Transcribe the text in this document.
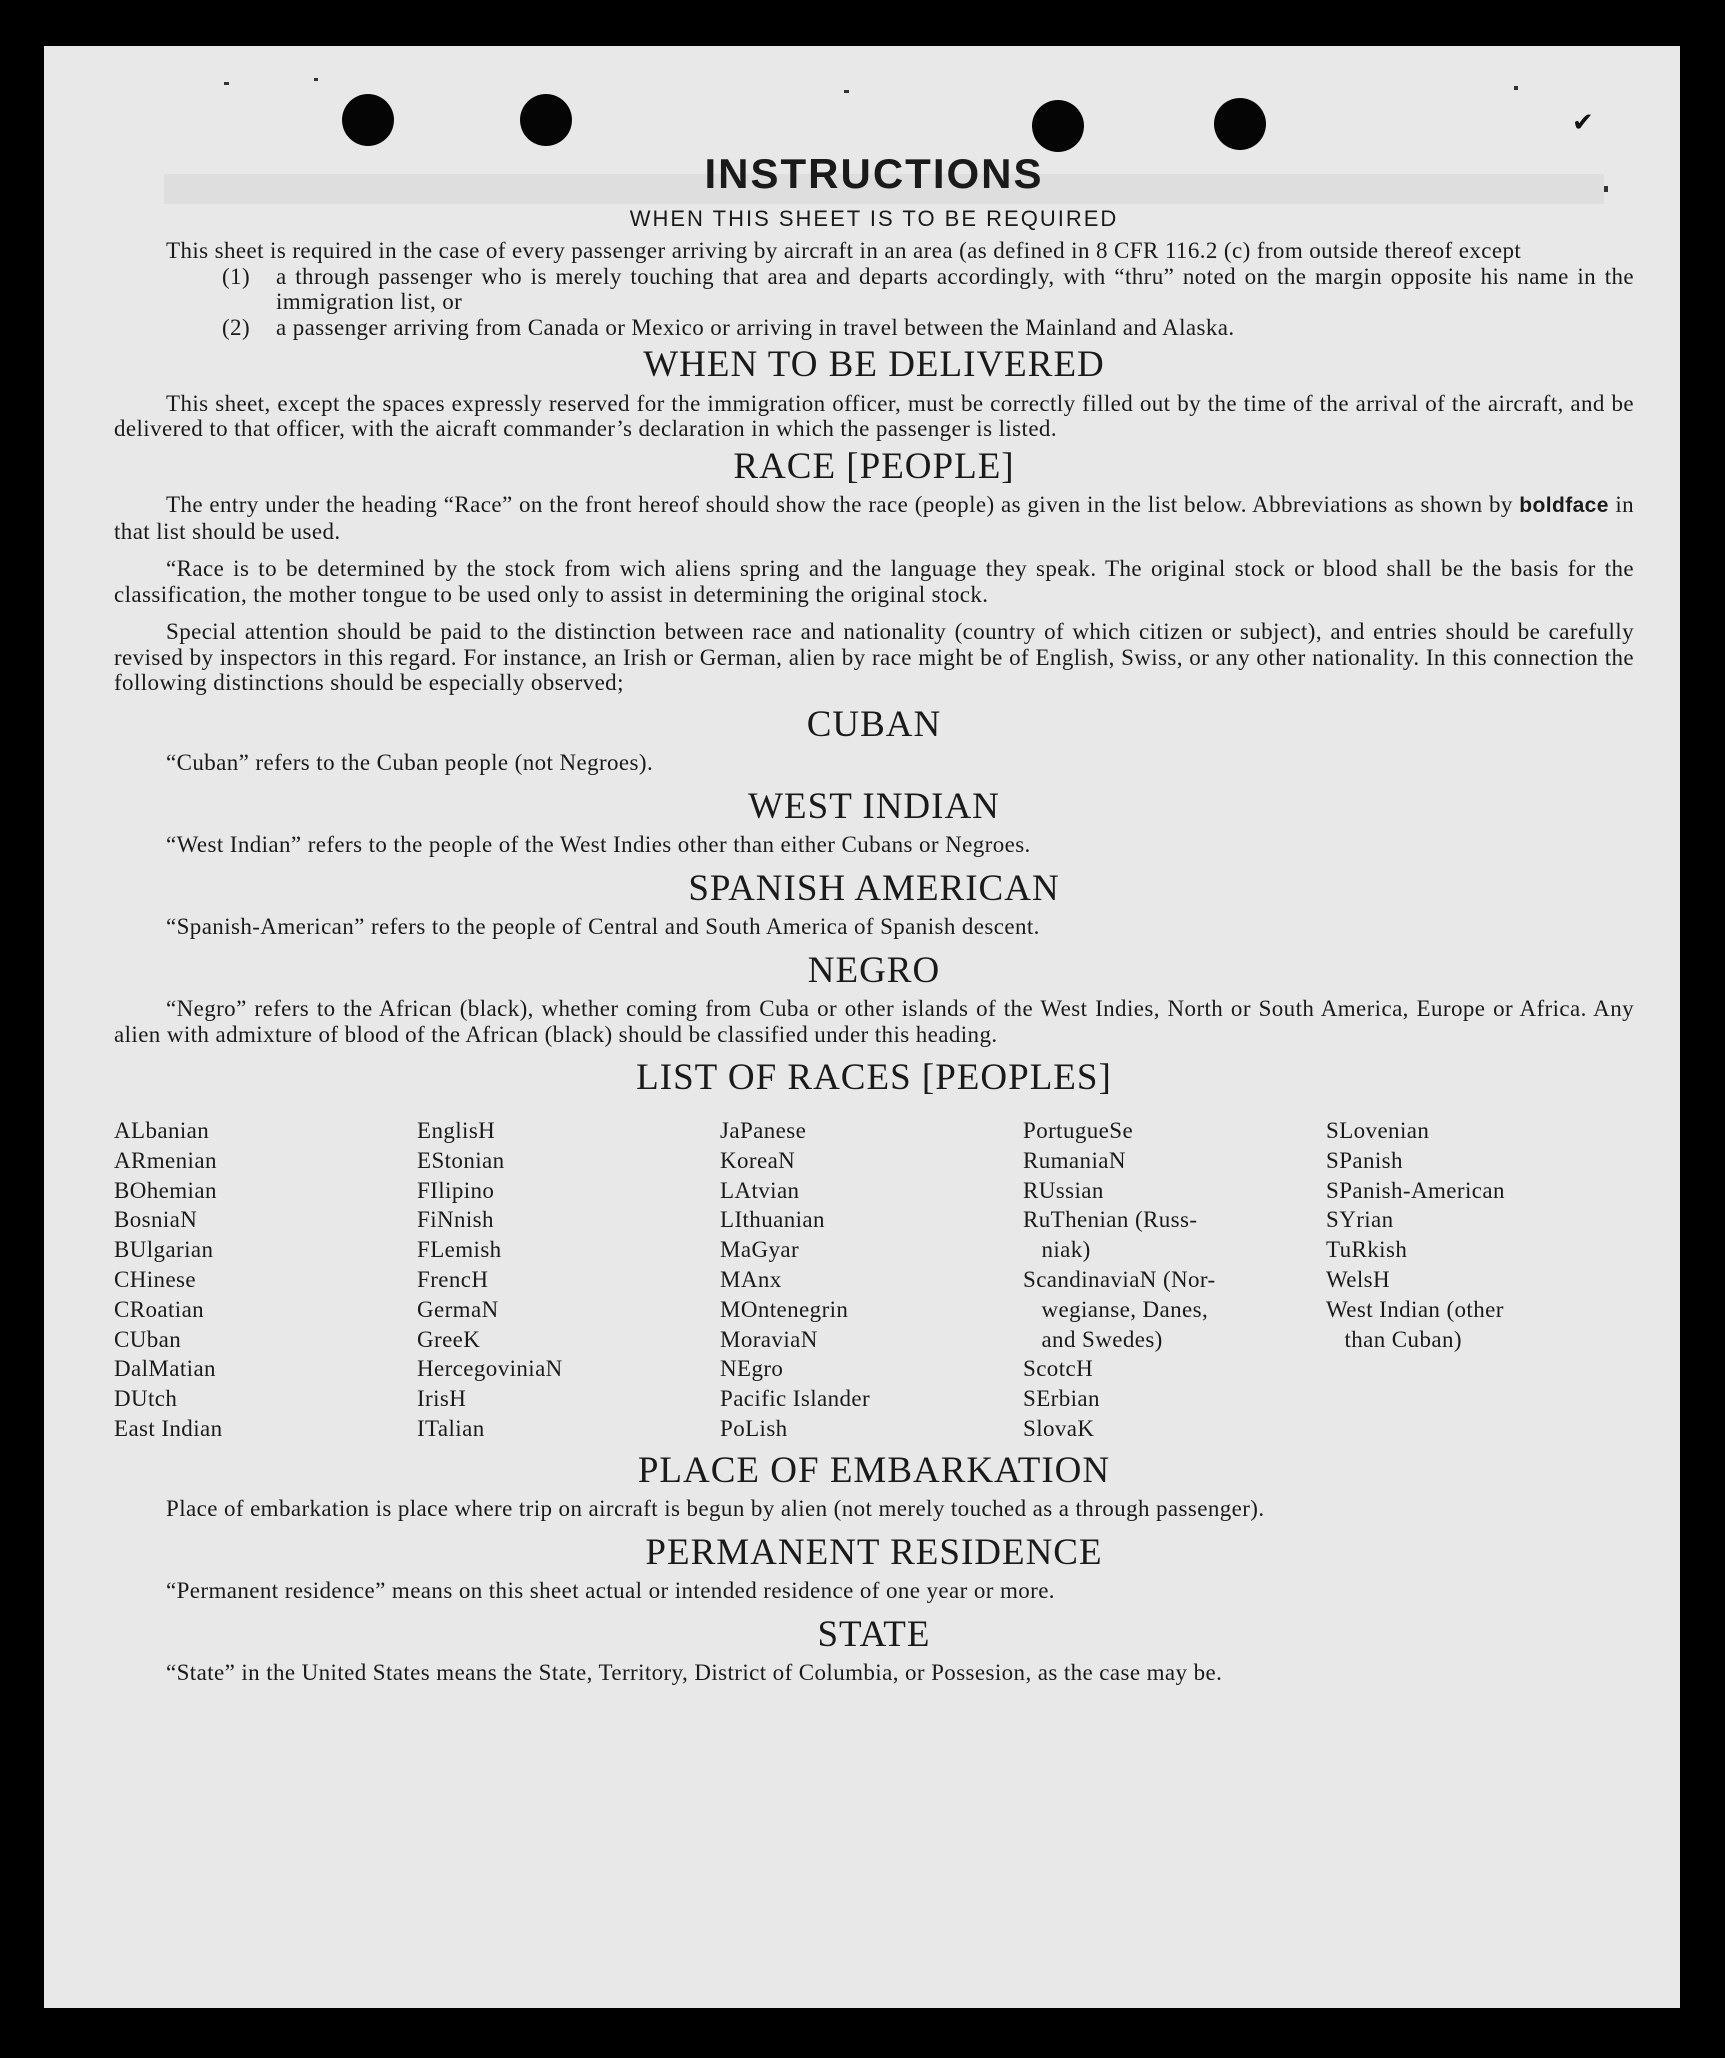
✔
INSTRUCTIONS
WHEN THIS SHEET IS TO BE REQUIRED

This sheet is required in the case of every passenger arriving by aircraft in an area (as defined in 8 CFR 116.2 (c) from outside thereof except

(1)	a through passenger who is merely touching that area and departs accordingly, with “thru” noted on the margin opposite his name in the immigration list, or
(2)	a passenger arriving from Canada or Mexico or arriving in travel between the Mainland and Alaska.
WHEN TO BE DELIVERED

This sheet, except the spaces expressly reserved for the immigration officer, must be correctly filled out by the time of the arrival of the aircraft, and be delivered to that officer, with the aicraft commander’s declaration in which the passenger is listed.

RACE [PEOPLE]

The entry under the heading “Race” on the front hereof should show the race (people) as given in the list below. Abbreviations as shown by boldface in that list should be used.

“Race is to be determined by the stock from wich aliens spring and the language they speak. The original stock or blood shall be the basis for the classification, the mother tongue to be used only to assist in determining the original stock.

Special attention should be paid to the distinction between race and nationality (country of which citizen or subject), and entries should be carefully revised by inspectors in this regard. For instance, an Irish or German, alien by race might be of English, Swiss, or any other nationality. In this connection the following distinctions should be especially observed;

CUBAN

“Cuban” refers to the Cuban people (not Negroes).

WEST INDIAN

“West Indian” refers to the people of the West Indies other than either Cubans or Negroes.

SPANISH AMERICAN

“Spanish-American” refers to the people of Central and South America of Spanish descent.

NEGRO

“Negro” refers to the African (black), whether coming from Cuba or other islands of the West Indies, North or South America, Europe or Africa. Any alien with admixture of blood of the African (black) should be classified under this heading.

LIST OF RACES [PEOPLES]
ALbanian
ARmenian
BOhemian
BosniaN
BUlgarian
CHinese
CRoatian
CUban
DalMatian
DUtch
East Indian
EnglisH
EStonian
FIlipino
FiNnish
FLemish
FrencH
GermaN
GreeK
HercegoviniaN
IrisH
ITalian
JaPanese
KoreaN
LAtvian
LIthuanian
MaGyar
MAnx
MOntenegrin
MoraviaN
NEgro
Pacific Islander
PoLish
PortugueSe
RumaniaN
RUssian
RuThenian (Russ-
niak)
ScandinaviaN (Nor-
wegianse, Danes,
and Swedes)
ScotcH
SErbian
SlovaK
SLovenian
SPanish
SPanish-American
SYrian
TuRkish
WelsH
West Indian (other
than Cuban)
PLACE OF EMBARKATION

Place of embarkation is place where trip on aircraft is begun by alien (not merely touched as a through passenger).

PERMANENT RESIDENCE

“Permanent residence” means on this sheet actual or intended residence of one year or more.

STATE

“State” in the United States means the State, Territory, District of Columbia, or Possesion, as the case may be.
